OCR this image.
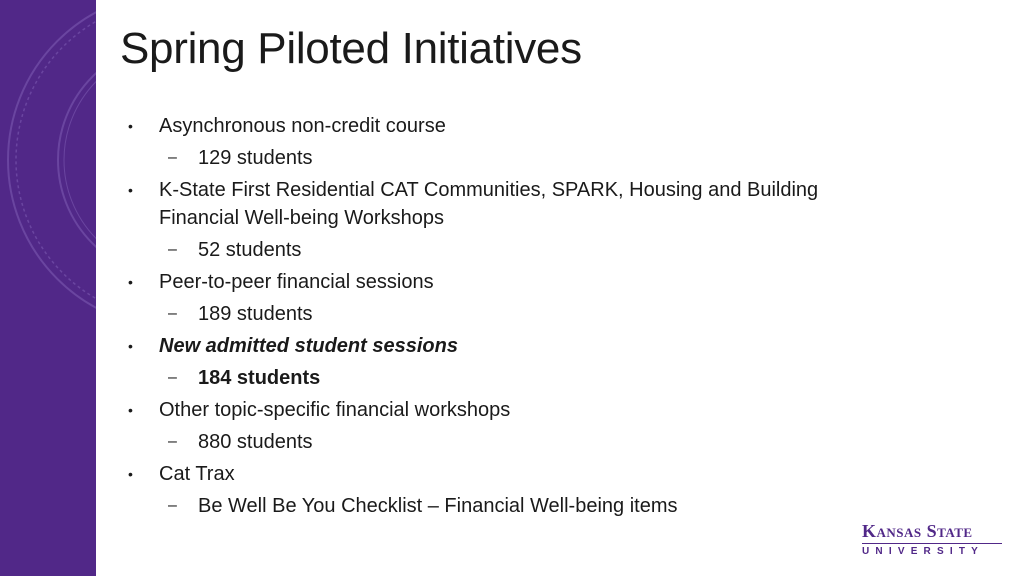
Spring Piloted Initiatives
• Asynchronous non-credit course
– 129 students
• K-State First Residential CAT Communities, SPARK, Housing and Building Financial Well-being Workshops
– 52 students
• Peer-to-peer financial sessions
– 189 students
• New admitted student sessions
– 184 students
• Other topic-specific financial workshops
– 880 students
• Cat Trax
– Be Well Be You Checklist – Financial Well-being items
Kansas State
UNIVERSITY
